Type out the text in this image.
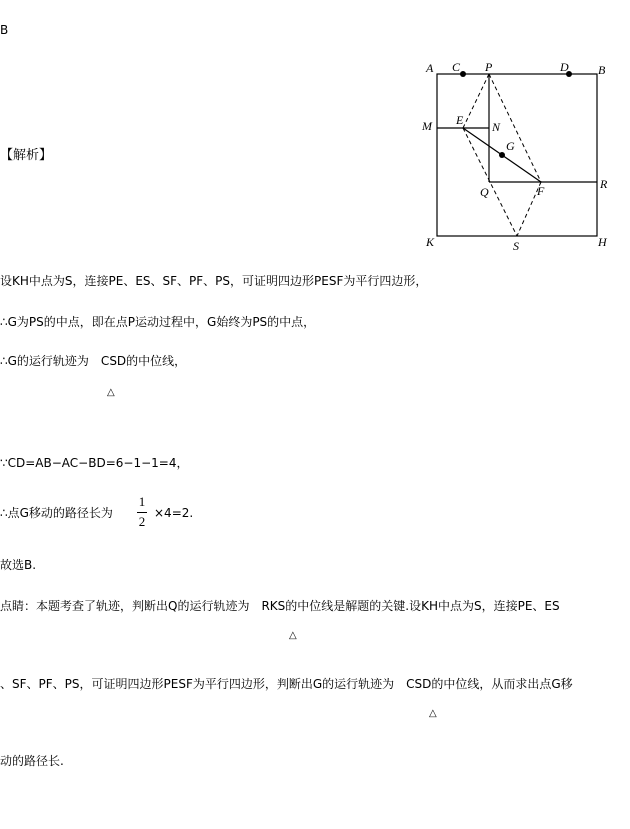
B
【解析】
A C P	D B
M E N
G
Q	F	R
K	S	H
设KH中点为S，连接PE、ES、SF、PF、PS，可证明四边形PESF为平行四边形，
∴G为PS的中点，即在点P运动过程中，G始终为PS的中点，
∴G的运行轨迹为　CSD的中位线，
△
∵CD=AB−AC−BD=6−1−1=4，
∴点G移动的路径长为
1
2
×4=2.
故选B.
点睛：本题考查了轨迹，判断出Q的运行轨迹为　RKS的中位线是解题的关键.设KH中点为S，连接PE、ES
△
、SF、PF、PS，可证明四边形PESF为平行四边形，判断出G的运行轨迹为　CSD的中位线，从而求出点G移
△
动的路径长.
